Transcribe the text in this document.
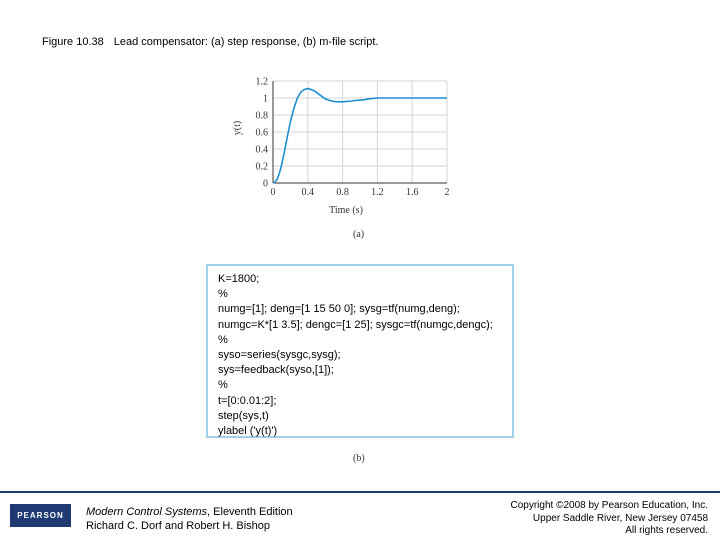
Figure 10.38 Lead compensator: (a) step response, (b) m-file script.
0	0.4 0.8 1.2 1.6	2
0
0.2
0.4
0.6
0.8
1
1.2
Time (s)
y(t)
(a)
K=1800;
%
numg=[1]; deng=[1 15 50 0]; sysg=tf(numg,deng);
numgc=K*[1 3.5]; dengc=[1 25]; sysgc=tf(numgc,dengc);
%
syso=series(sysgc,sysg);
sys=feedback(syso,[1]);
%
t=[0:0.01:2];
step(sys,t)
ylabel ('y(t)')
(b)
PEARSON Modern Control Systems, Eleventh Edition
Richard C. Dorf and Robert H. Bishop
Copyright ©2008 by Pearson Education, Inc.
Upper Saddle River, New Jersey 07458
All rights reserved.
